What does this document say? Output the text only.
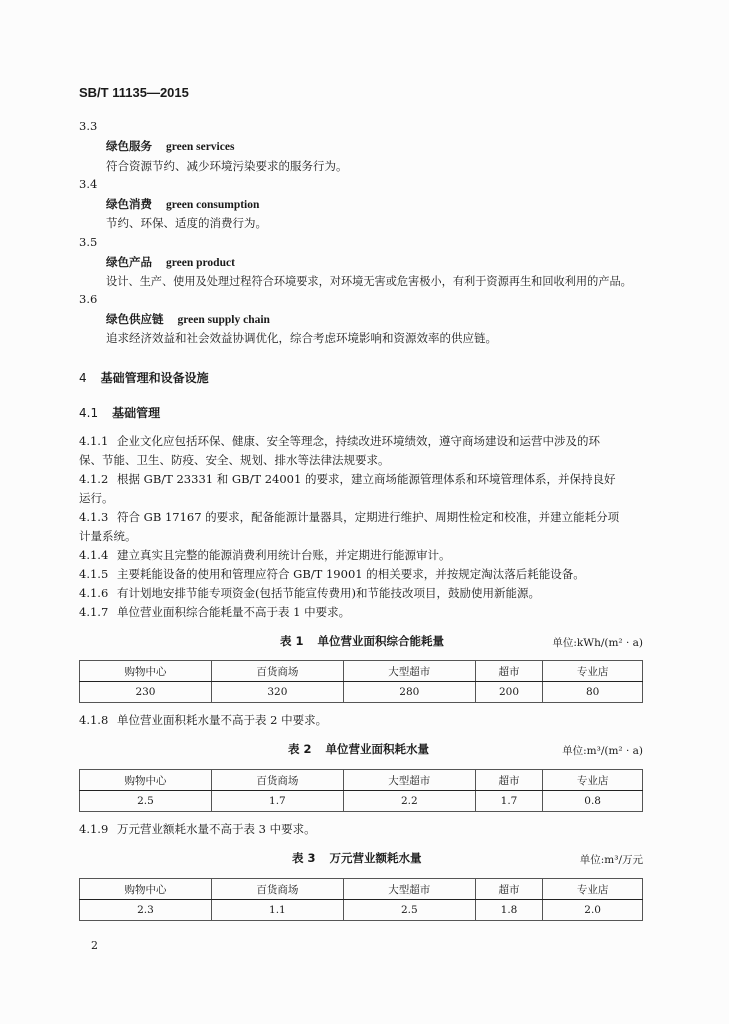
SB/T 11135—2015
3.3
绿色服务 green services
符合资源节约、减少环境污染要求的服务行为。
3.4
绿色消费 green consumption
节约、环保、适度的消费行为。
3.5
绿色产品 green product
设计、生产、使用及处理过程符合环境要求，对环境无害或危害极小，有利于资源再生和回收利用的产品。
3.6
绿色供应链 green supply chain
追求经济效益和社会效益协调优化，综合考虑环境影响和资源效率的供应链。
4 基础管理和设备设施
4.1 基础管理
4.1.1 企业文化应包括环保、健康、安全等理念，持续改进环境绩效，遵守商场建设和运营中涉及的环
保、节能、卫生、防疫、安全、规划、排水等法律法规要求。
4.1.2 根据 GB/T 23331 和 GB/T 24001 的要求，建立商场能源管理体系和环境管理体系，并保持良好
运行。
4.1.3 符合 GB 17167 的要求，配备能源计量器具，定期进行维护、周期性检定和校准，并建立能耗分项
计量系统。
4.1.4 建立真实且完整的能源消费利用统计台账，并定期进行能源审计。
4.1.5 主要耗能设备的使用和管理应符合 GB/T 19001 的相关要求，并按规定淘汰落后耗能设备。
4.1.6 有计划地安排节能专项资金(包括节能宣传费用)和节能技改项目，鼓励使用新能源。
4.1.7 单位营业面积综合能耗量不高于表 1 中要求。
表 1 单位营业面积综合能耗量	单位:kWh/(m² · a)
购物中心	百货商场	大型超市	超市	专业店
230	320	280	200	80
4.1.8 单位营业面积耗水量不高于表 2 中要求。
表 2 单位营业面积耗水量	单位:m³/(m² · a)
购物中心	百货商场	大型超市	超市	专业店
2.5	1.7	2.2	1.7	0.8
4.1.9 万元营业额耗水量不高于表 3 中要求。
表 3 万元营业额耗水量	单位:m³/万元
购物中心	百货商场	大型超市	超市	专业店
2.3	1.1	2.5	1.8	2.0
2
